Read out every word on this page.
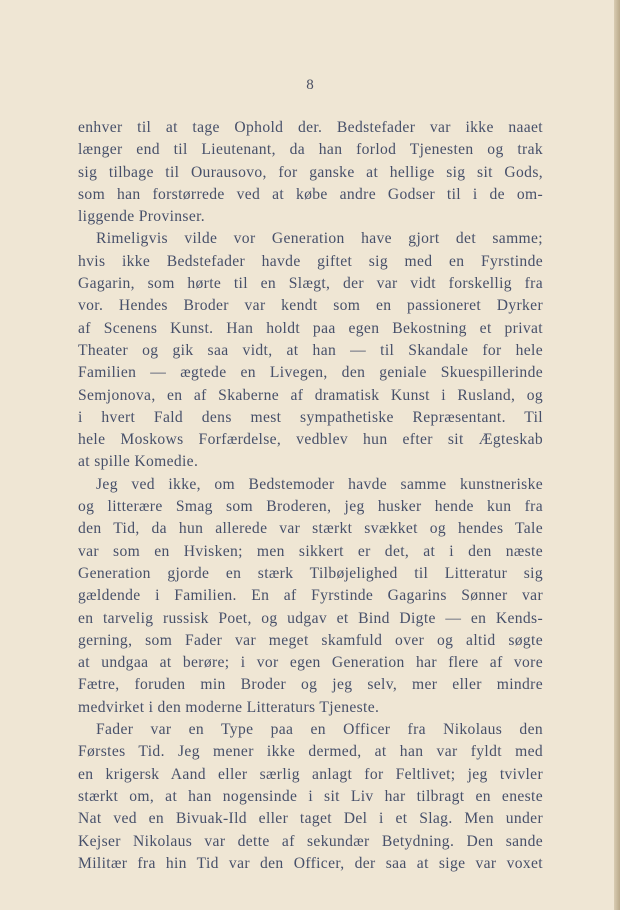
8

enhver til at tage Ophold der. Bedstefader var ikke naaet
længer end til Lieutenant, da han forlod Tjenesten og trak
sig tilbage til Ourausovo, for ganske at hellige sig sit Gods,
som han forstørrede ved at købe andre Godser til i de om-
liggende Provinser.

Rimeligvis vilde vor Generation have gjort det samme;
hvis ikke Bedstefader havde giftet sig med en Fyrstinde
Gagarin, som hørte til en Slægt, der var vidt forskellig fra
vor. Hendes Broder var kendt som en passioneret Dyrker
af Scenens Kunst. Han holdt paa egen Bekostning et privat
Theater og gik saa vidt, at han — til Skandale for hele
Familien — ægtede en Livegen, den geniale Skuespillerinde
Semjonova, en af Skaberne af dramatisk Kunst i Rusland, og
i hvert Fald dens mest sympathetiske Repræsentant. Til
hele Moskows Forfærdelse, vedblev hun efter sit Ægteskab
at spille Komedie.

Jeg ved ikke, om Bedstemoder havde samme kunstneriske
og litterære Smag som Broderen, jeg husker hende kun fra
den Tid, da hun allerede var stærkt svækket og hendes Tale
var som en Hvisken; men sikkert er det, at i den næste
Generation gjorde en stærk Tilbøjelighed til Litteratur sig
gældende i Familien. En af Fyrstinde Gagarins Sønner var
en tarvelig russisk Poet, og udgav et Bind Digte — en Kends-
gerning, som Fader var meget skamfuld over og altid søgte
at undgaa at berøre; i vor egen Generation har flere af vore
Fætre, foruden min Broder og jeg selv, mer eller mindre
medvirket i den moderne Litteraturs Tjeneste.

Fader var en Type paa en Officer fra Nikolaus den
Førstes Tid. Jeg mener ikke dermed, at han var fyldt med
en krigersk Aand eller særlig anlagt for Feltlivet; jeg tvivler
stærkt om, at han nogensinde i sit Liv har tilbragt en eneste
Nat ved en Bivuak-Ild eller taget Del i et Slag. Men under
Kejser Nikolaus var dette af sekundær Betydning. Den sande
Militær fra hin Tid var den Officer, der saa at sige var voxet
